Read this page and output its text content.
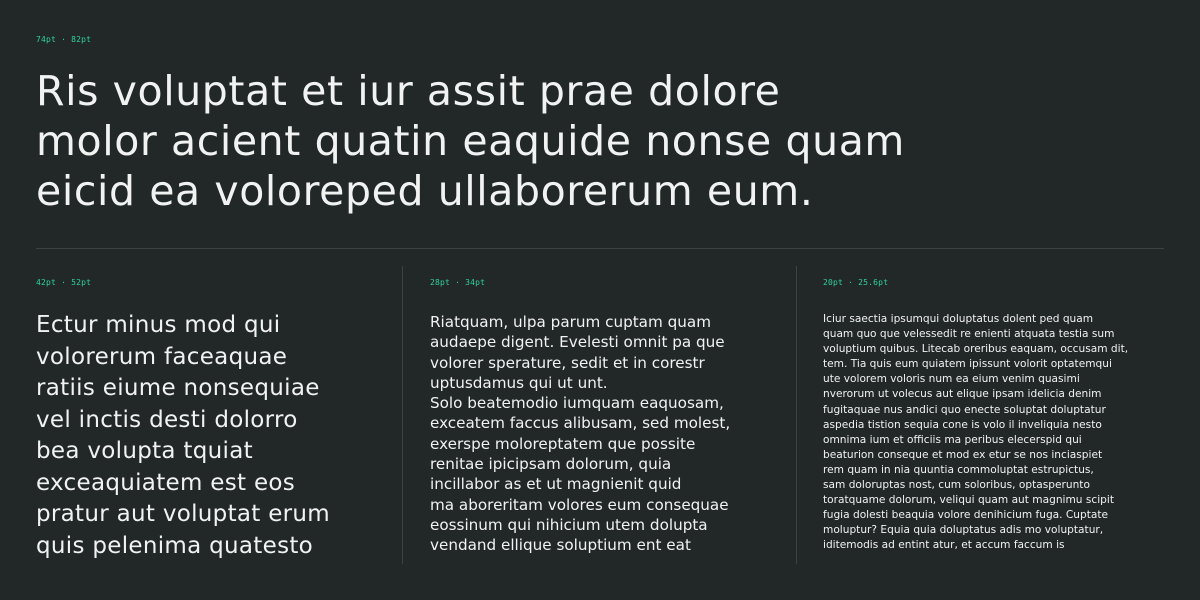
74pt · 82pt
Ris voluptat et iur assit prae dolore
molor acient quatin eaquide nonse quam
eicid ea voloreped ullaborerum eum.
42pt · 52pt
Ectur minus mod qui
volorerum faceaquae
ratiis eiume nonsequiae
vel inctis desti dolorro
bea volupta tquiat
exceaquiatem est eos
pratur aut voluptat erum
quis pelenima quatesto
28pt · 34pt
Riatquam, ulpa parum cuptam quam
audaepe digent. Evelesti omnit pa que
volorer sperature, sedit et in corestr
uptusdamus qui ut unt.
Solo beatemodio iumquam eaquosam,
exceatem faccus alibusam, sed molest,
exerspe moloreptatem que possite
renitae ipicipsam dolorum, quia
incillabor as et ut magnienit quid
ma aboreritam volores eum consequae
eossinum qui nihicium utem dolupta
vendand ellique soluptium ent eat
20pt · 25.6pt
Iciur saectia ipsumqui doluptatus dolent ped quam
quam quo que velessedit re enienti atquata testia sum
voluptium quibus. Litecab oreribus eaquam, occusam dit,
tem. Tia quis eum quiatem ipissunt volorit optatemqui
ute volorem voloris num ea eium venim quasimi
nverorum ut volecus aut elique ipsam idelicia denim
fugitaquae nus andici quo enecte soluptat doluptatur
aspedia tistion sequia cone is volo il inveliquia nesto
omnima ium et officiis ma peribus elecerspid qui
beaturion conseque et mod ex etur se nos inciaspiet
rem quam in nia quuntia commoluptat estrupictus,
sam doloruptas nost, cum soloribus, optasperunto
toratquame dolorum, veliqui quam aut magnimu scipit
fugia dolesti beaquia volore denihicium fuga. Cuptate
moluptur? Equia quia doluptatus adis mo voluptatur,
iditemodis ad entint atur, et accum faccum is
